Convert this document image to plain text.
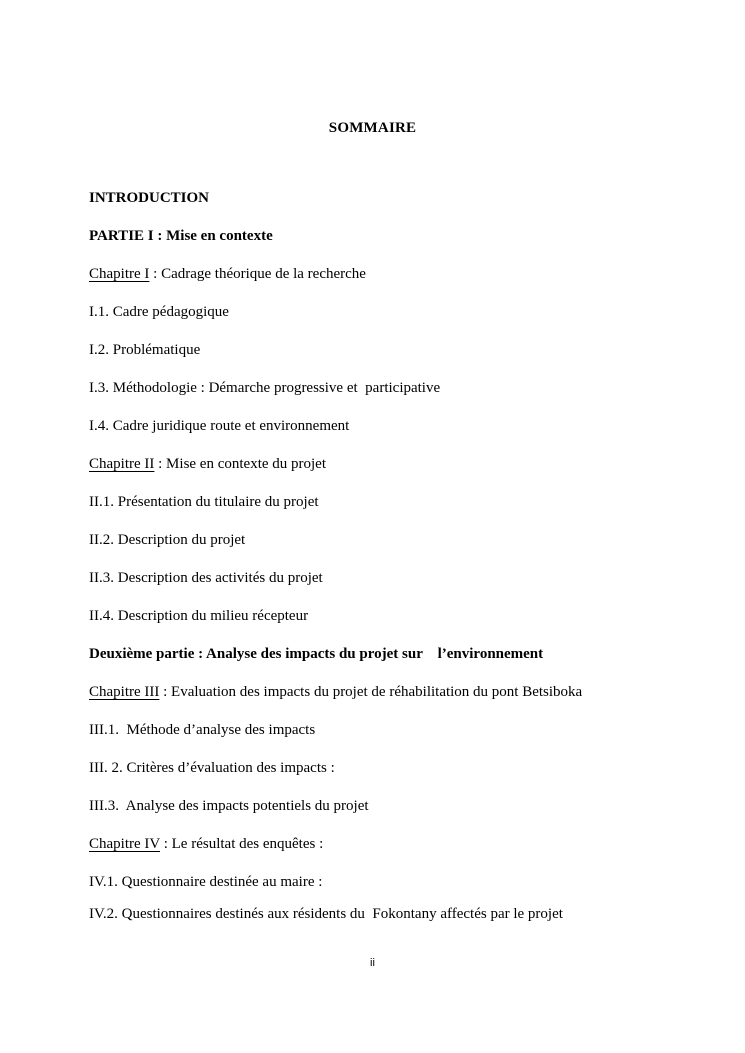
SOMMAIRE
INTRODUCTION
PARTIE I : Mise en contexte
Chapitre I : Cadrage théorique de la recherche
I.1. Cadre pédagogique
I.2. Problématique
I.3. Méthodologie : Démarche progressive et  participative
I.4. Cadre juridique route et environnement
Chapitre II : Mise en contexte du projet
II.1. Présentation du titulaire du projet
II.2. Description du projet
II.3. Description des activités du projet
II.4. Description du milieu récepteur
Deuxième partie : Analyse des impacts du projet sur    l’environnement
Chapitre III : Evaluation des impacts du projet de réhabilitation du pont Betsiboka
III.1.  Méthode d’analyse des impacts
III. 2. Critères d’évaluation des impacts :
III.3.  Analyse des impacts potentiels du projet
Chapitre IV : Le résultat des enquêtes :
IV.1. Questionnaire destinée au maire :
IV.2. Questionnaires destinés aux résidents du  Fokontany affectés par le projet
ii
